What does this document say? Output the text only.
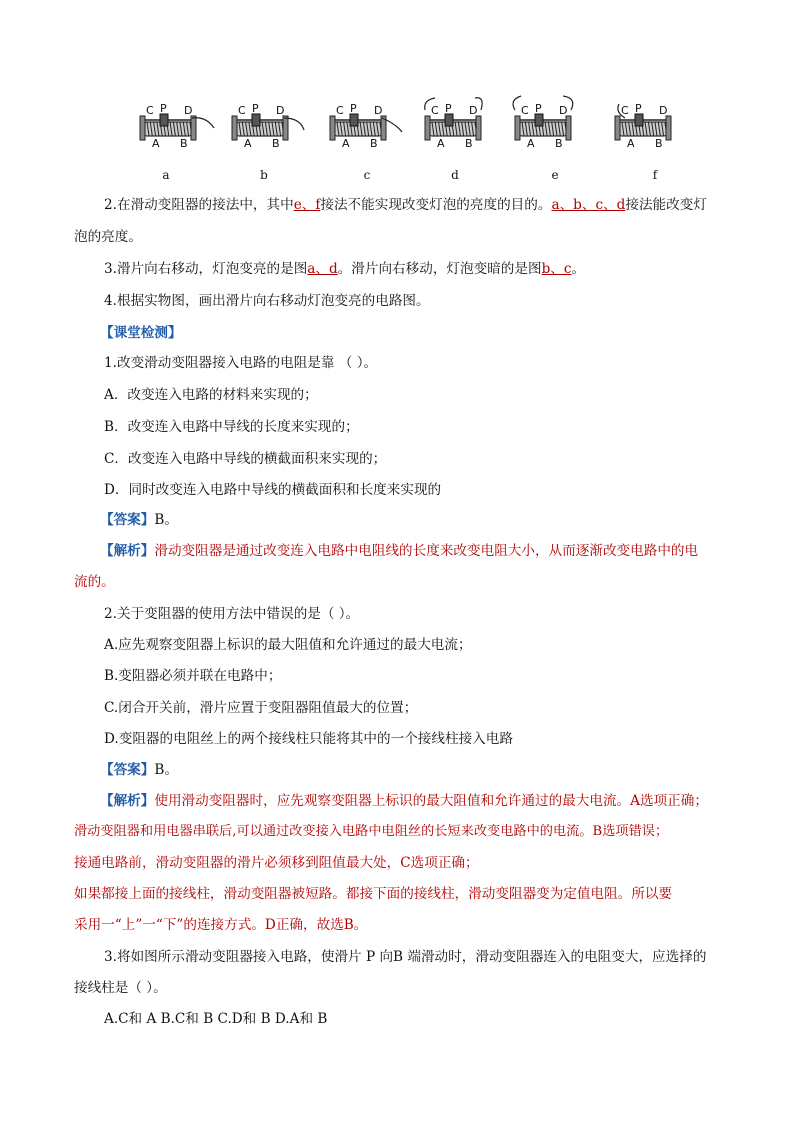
C P D
A B
C P D
A B
C P D
A B
C P D
A B
C P D
A B
C P D
A B
a	b	c	d	e	f
2.在滑动变阻器的接法中，其中e、f接法不能实现改变灯泡的亮度的目的。a、b、c、d接法能改变灯
泡的亮度。
3.滑片向右移动，灯泡变亮的是图a、d。滑片向右移动，灯泡变暗的是图b、c。
4.根据实物图，画出滑片向右移动灯泡变亮的电路图。
【课堂检测】
1.改变滑动变阻器接入电路的电阻是靠 （ ）。
A．改变连入电路的材料来实现的；
B．改变连入电路中导线的长度来实现的；
C．改变连入电路中导线的横截面积来实现的；
D．同时改变连入电路中导线的横截面积和长度来实现的
【答案】B。
【解析】滑动变阻器是通过改变连入电路中电阻线的长度来改变电阻大小，从而逐渐改变电路中的电
流的。
2.关于变阻器的使用方法中错误的是（ ）。
A.应先观察变阻器上标识的最大阻值和允许通过的最大电流；
B.变阻器必须并联在电路中；
C.闭合开关前，滑片应置于变阻器阻值最大的位置；
D.变阻器的电阻丝上的两个接线柱只能将其中的一个接线柱接入电路
【答案】B。
【解析】使用滑动变阻器时，应先观察变阻器上标识的最大阻值和允许通过的最大电流。A选项正确；
滑动变阻器和用电器串联后,可以通过改变接入电路中电阻丝的长短来改变电路中的电流。B选项错误；
接通电路前，滑动变阻器的滑片必须移到阻值最大处，C选项正确；
如果都接上面的接线柱，滑动变阻器被短路。都接下面的接线柱，滑动变阻器变为定值电阻。所以要
采用一“上”一“下”的连接方式。D正确，故选B。
3.将如图所示滑动变阻器接入电路，使滑片 P 向B 端滑动时，滑动变阻器连入的电阻变大，应选择的
接线柱是（ ）。
A.C和 A B.C和 B C.D和 B D.A和 B
